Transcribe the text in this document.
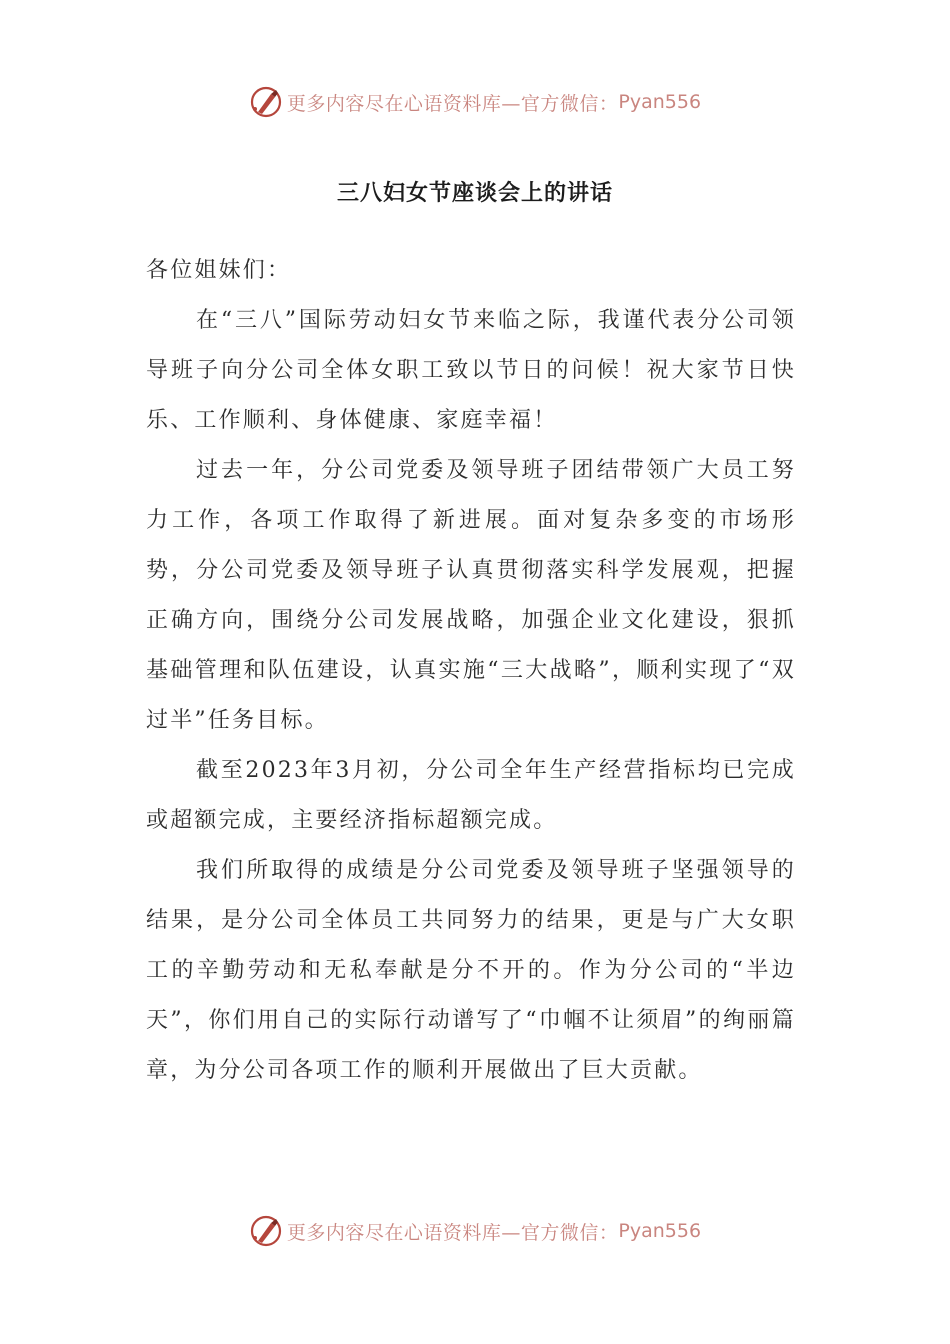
更多内容尽在心语资料库—官方微信： Pyan556
三八妇女节座谈会上的讲话

各位姐妹们：

在“三八”国际劳动妇女节来临之际，我谨代表分公司领导班子向分公司全体女职工致以节日的问候！祝大家节日快乐、工作顺利、身体健康、家庭幸福！

过去一年，分公司党委及领导班子团结带领广大员工努力工作，各项工作取得了新进展。面对复杂多变的市场形势，分公司党委及领导班子认真贯彻落实科学发展观，把握正确方向，围绕分公司发展战略，加强企业文化建设，狠抓基础管理和队伍建设，认真实施“三大战略”，顺利实现了“双过半”任务目标。

截至2023年3月初，分公司全年生产经营指标均已完成或超额完成，主要经济指标超额完成。

我们所取得的成绩是分公司党委及领导班子坚强领导的结果，是分公司全体员工共同努力的结果，更是与广大女职工的辛勤劳动和无私奉献是分不开的。作为分公司的“半边天”，你们用自己的实际行动谱写了“巾帼不让须眉”的绚丽篇章，为分公司各项工作的顺利开展做出了巨大贡献。

更多内容尽在心语资料库—官方微信： Pyan556
